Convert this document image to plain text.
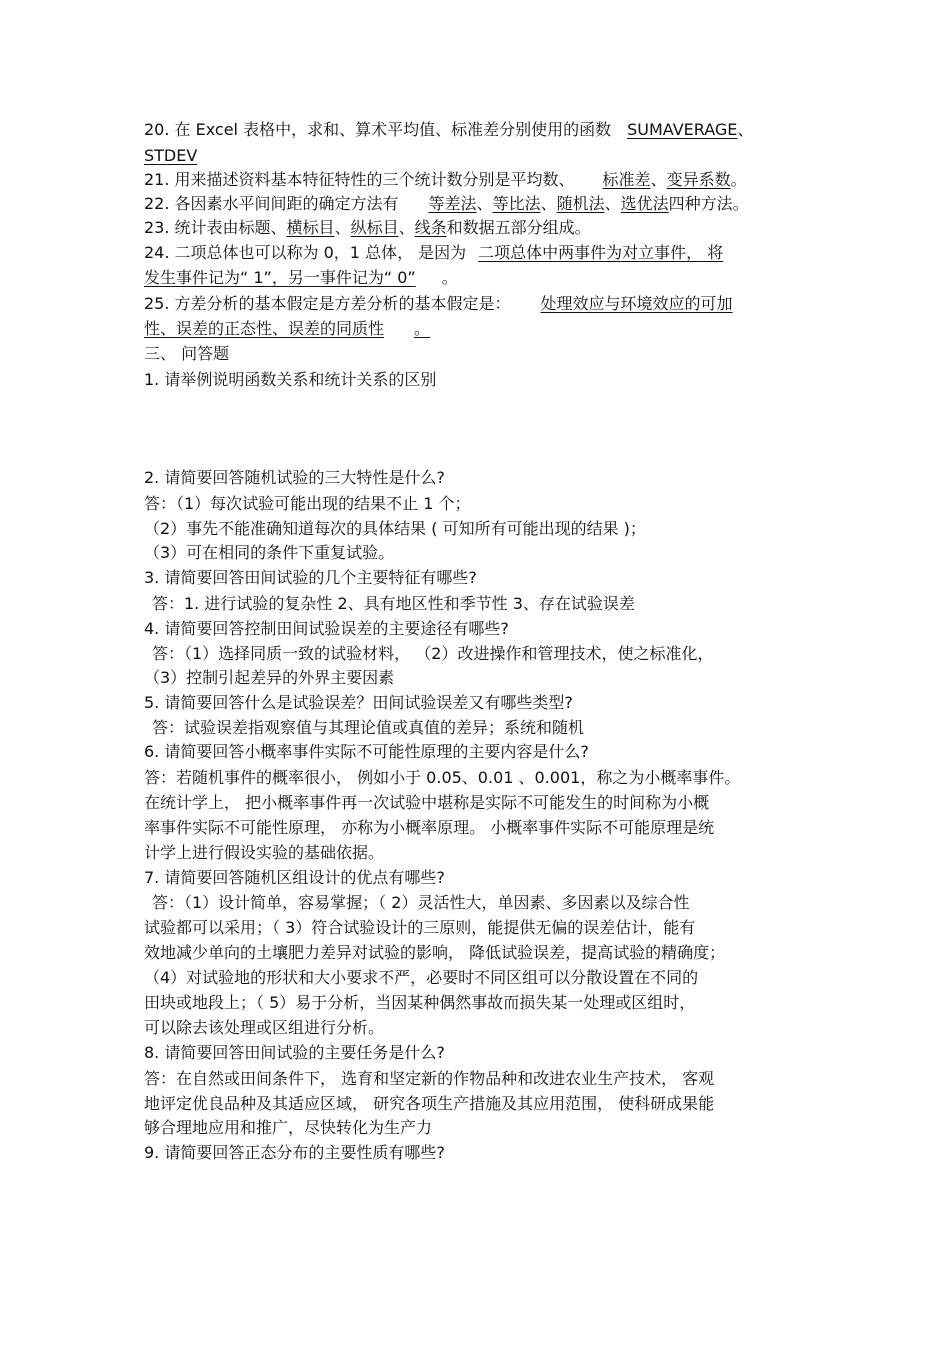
20. 在 Excel 表格中，求和、算术平均值、标准差分别使用的函数 SUMAVERAGE、
STDEV
21. 用来描述资料基本特征特性的三个统计数分别是平均数、 标准差、变异系数。
22. 各因素水平间间距的确定方法有 等差法、等比法、随机法、选优法四种方法。
23. 统计表由标题、横标目、纵标目、线条和数据五部分组成。
24. 二项总体也可以称为 0，1 总体， 是因为 二项总体中两事件为对立事件， 将
发生事件记为“ 1”，另一事件记为“ 0” 。
25. 方差分析的基本假定是方差分析的基本假定是： 处理效应与环境效应的可加
性、误差的正态性、误差的同质性 。
三、 问答题
1. 请举例说明函数关系和统计关系的区别
2. 请简要回答随机试验的三大特性是什么?
答：（1）每次试验可能出现的结果不止 1 个；
（2）事先不能准确知道每次的具体结果 ( 可知所有可能出现的结果 )；
（3）可在相同的条件下重复试验。
3. 请简要回答田间试验的几个主要特征有哪些?
答：1. 进行试验的复杂性 2、具有地区性和季节性 3、存在试验误差
4. 请简要回答控制田间试验误差的主要途径有哪些?
答：（1）选择同质一致的试验材料， （2）改进操作和管理技术，使之标准化，
（3）控制引起差异的外界主要因素
5. 请简要回答什么是试验误差？田间试验误差又有哪些类型?
答：试验误差指观察值与其理论值或真值的差异；系统和随机
6. 请简要回答小概率事件实际不可能性原理的主要内容是什么?
答：若随机事件的概率很小， 例如小于 0.05、0.01 、0.001，称之为小概率事件。
在统计学上， 把小概率事件再一次试验中堪称是实际不可能发生的时间称为小概
率事件实际不可能性原理， 亦称为小概率原理。 小概率事件实际不可能原理是统
计学上进行假设实验的基础依据。
7. 请简要回答随机区组设计的优点有哪些?
答：（1）设计简单，容易掌握；（ 2）灵活性大，单因素、多因素以及综合性
试验都可以采用；（ 3）符合试验设计的三原则，能提供无偏的误差估计，能有
效地减少单向的土壤肥力差异对试验的影响， 降低试验误差，提高试验的精确度；
（4）对试验地的形状和大小要求不严，必要时不同区组可以分散设置在不同的
田块或地段上；（ 5）易于分析，当因某种偶然事故而损失某一处理或区组时，
可以除去该处理或区组进行分析。
8. 请简要回答田间试验的主要任务是什么?
答：在自然或田间条件下， 选育和坚定新的作物品种和改进农业生产技术， 客观
地评定优良品种及其适应区域， 研究各项生产措施及其应用范围， 使科研成果能
够合理地应用和推广，尽快转化为生产力
9. 请简要回答正态分布的主要性质有哪些?
